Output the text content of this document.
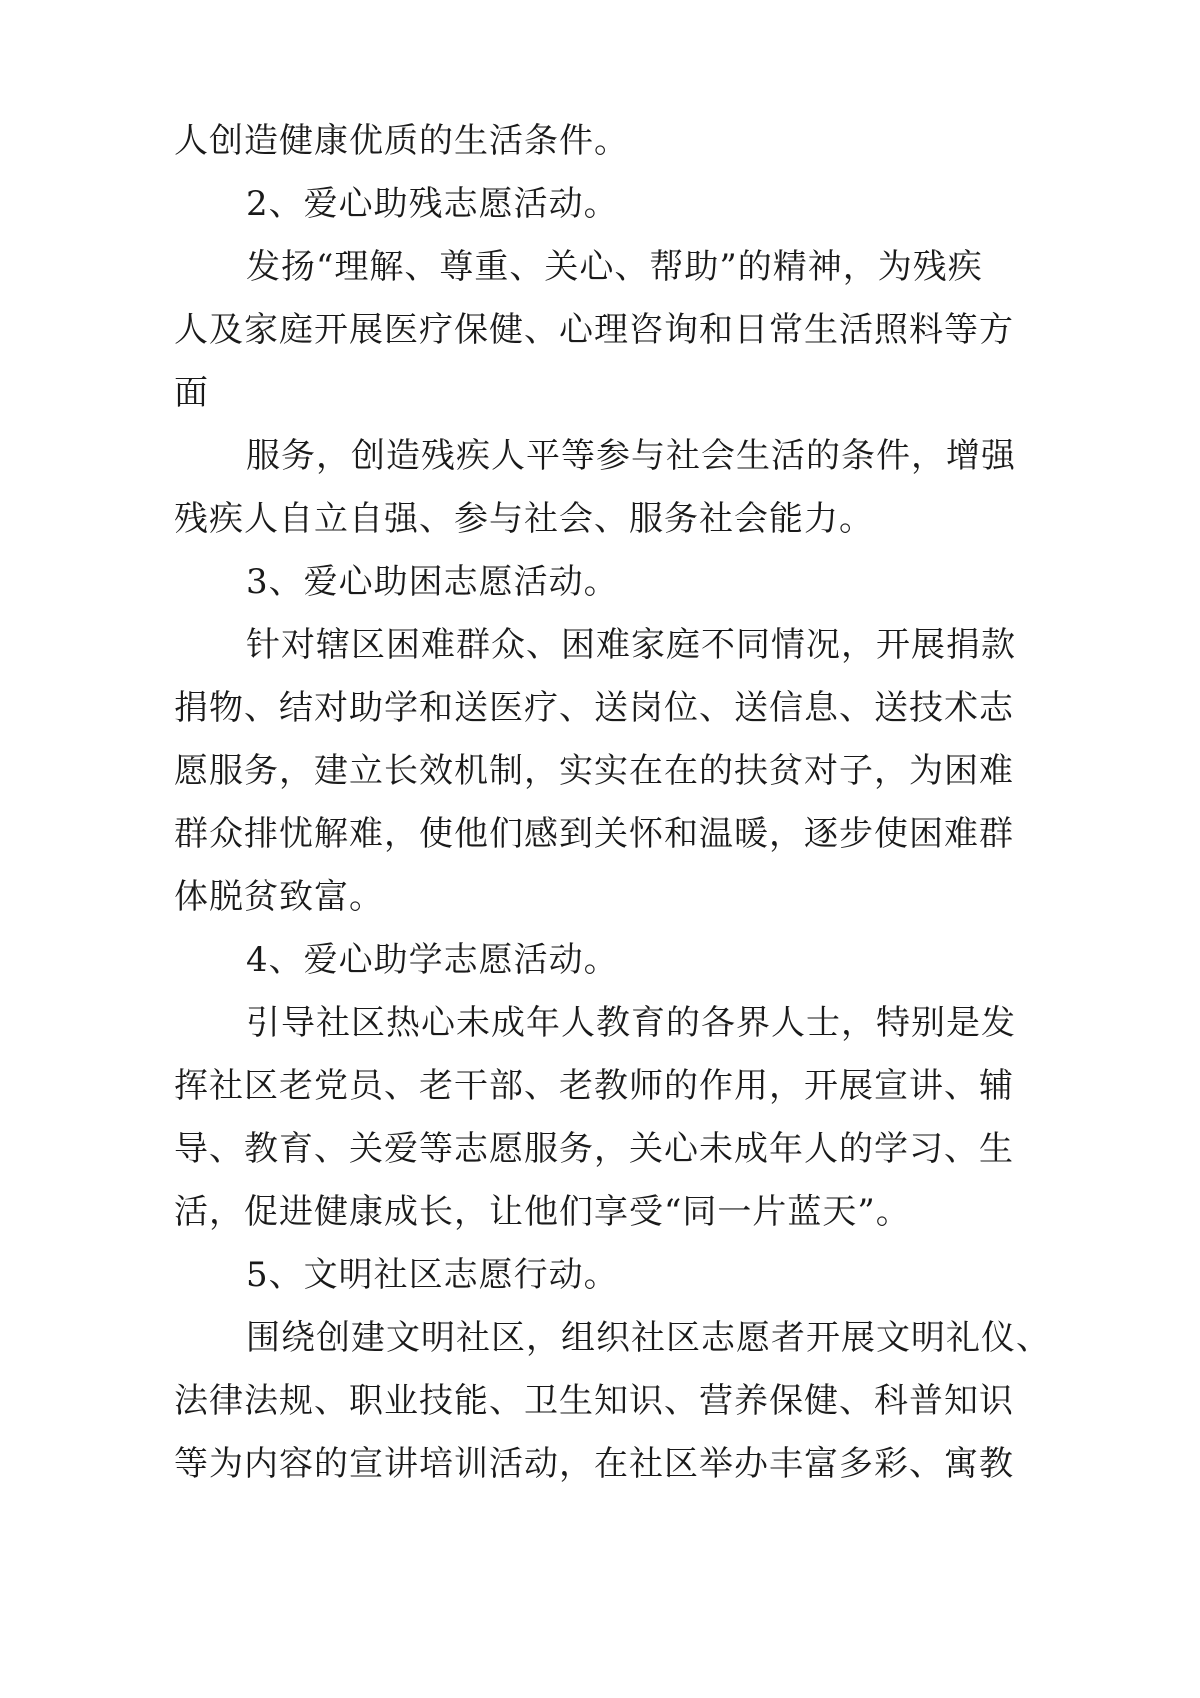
人创造健康优质的生活条件。
2、爱心助残志愿活动。
发扬“理解、尊重、关心、帮助”的精神，为残疾
人及家庭开展医疗保健、心理咨询和日常生活照料等方
面
服务，创造残疾人平等参与社会生活的条件，增强
残疾人自立自强、参与社会、服务社会能力。
3、爱心助困志愿活动。
针对辖区困难群众、困难家庭不同情况，开展捐款
捐物、结对助学和送医疗、送岗位、送信息、送技术志
愿服务，建立长效机制，实实在在的扶贫对子，为困难
群众排忧解难，使他们感到关怀和温暖，逐步使困难群
体脱贫致富。
4、爱心助学志愿活动。
引导社区热心未成年人教育的各界人士，特别是发
挥社区老党员、老干部、老教师的作用，开展宣讲、辅
导、教育、关爱等志愿服务，关心未成年人的学习、生
活，促进健康成长，让他们享受“同一片蓝天”。
5、文明社区志愿行动。
围绕创建文明社区，组织社区志愿者开展文明礼仪、
法律法规、职业技能、卫生知识、营养保健、科普知识
等为内容的宣讲培训活动，在社区举办丰富多彩、寓教
